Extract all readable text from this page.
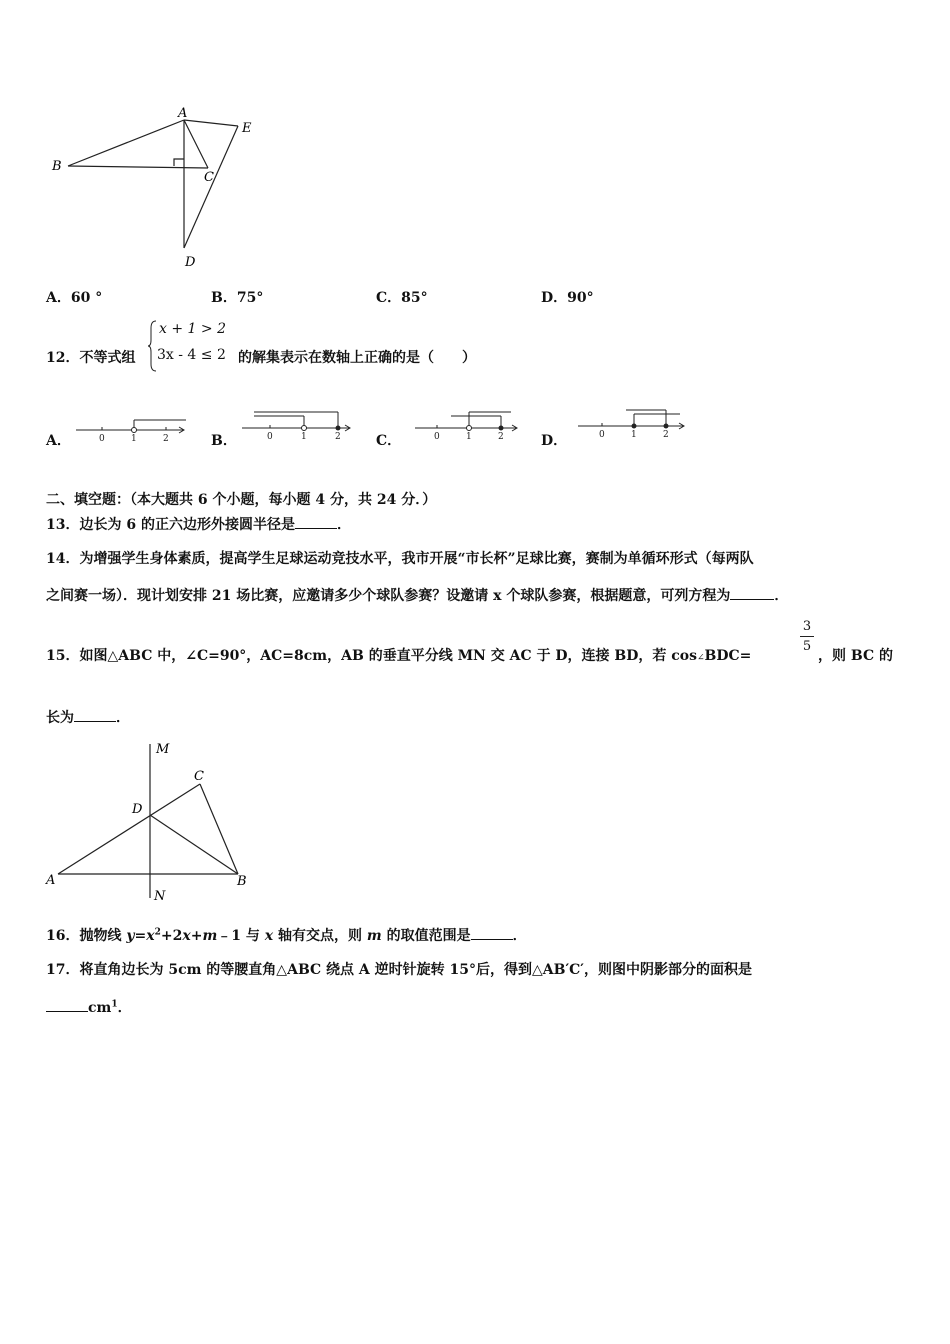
A
B
C
D
E
A．60 °	B．75°	C．85°	D．90°
12．不等式组
x + 1 > 2
3x - 4 ≤ 2 的解集表示在数轴上正确的是（　　）
A．	0	1	2	B．	0	1	2	C．	0	1	2	D．	0	1	2
二、填空题：（本大题共 6 个小题，每小题 4 分，共 24 分．）
13．边长为 6 的正六边形外接圆半径是	．
14．为增强学生身体素质，提高学生足球运动竞技水平，我市开展“市长杯”足球比赛，赛制为单循环形式（每两队
之间赛一场）．现计划安排 21 场比赛，应邀请多少个球队参赛？设邀请 x 个球队参赛，根据题意，可列方程为	．
15．如图△ABC 中，∠C=90°，AC=8cm，AB 的垂直平分线 MN 交 AC 于 D，连接 BD，若 cos∠BDC=
3
5
，则 BC 的
长为	．
M
C
D
A
N
B
16．抛物线 $y=x^2+2x+m﹣1$ 与 x 轴有交点，则 m 的取值范围是	．
17．将直角边长为 5cm 的等腰直角△ABC 绕点 A 逆时针旋转 15°后，得到△AB′C′，则图中阴影部分的面积是
$cm^1$．
